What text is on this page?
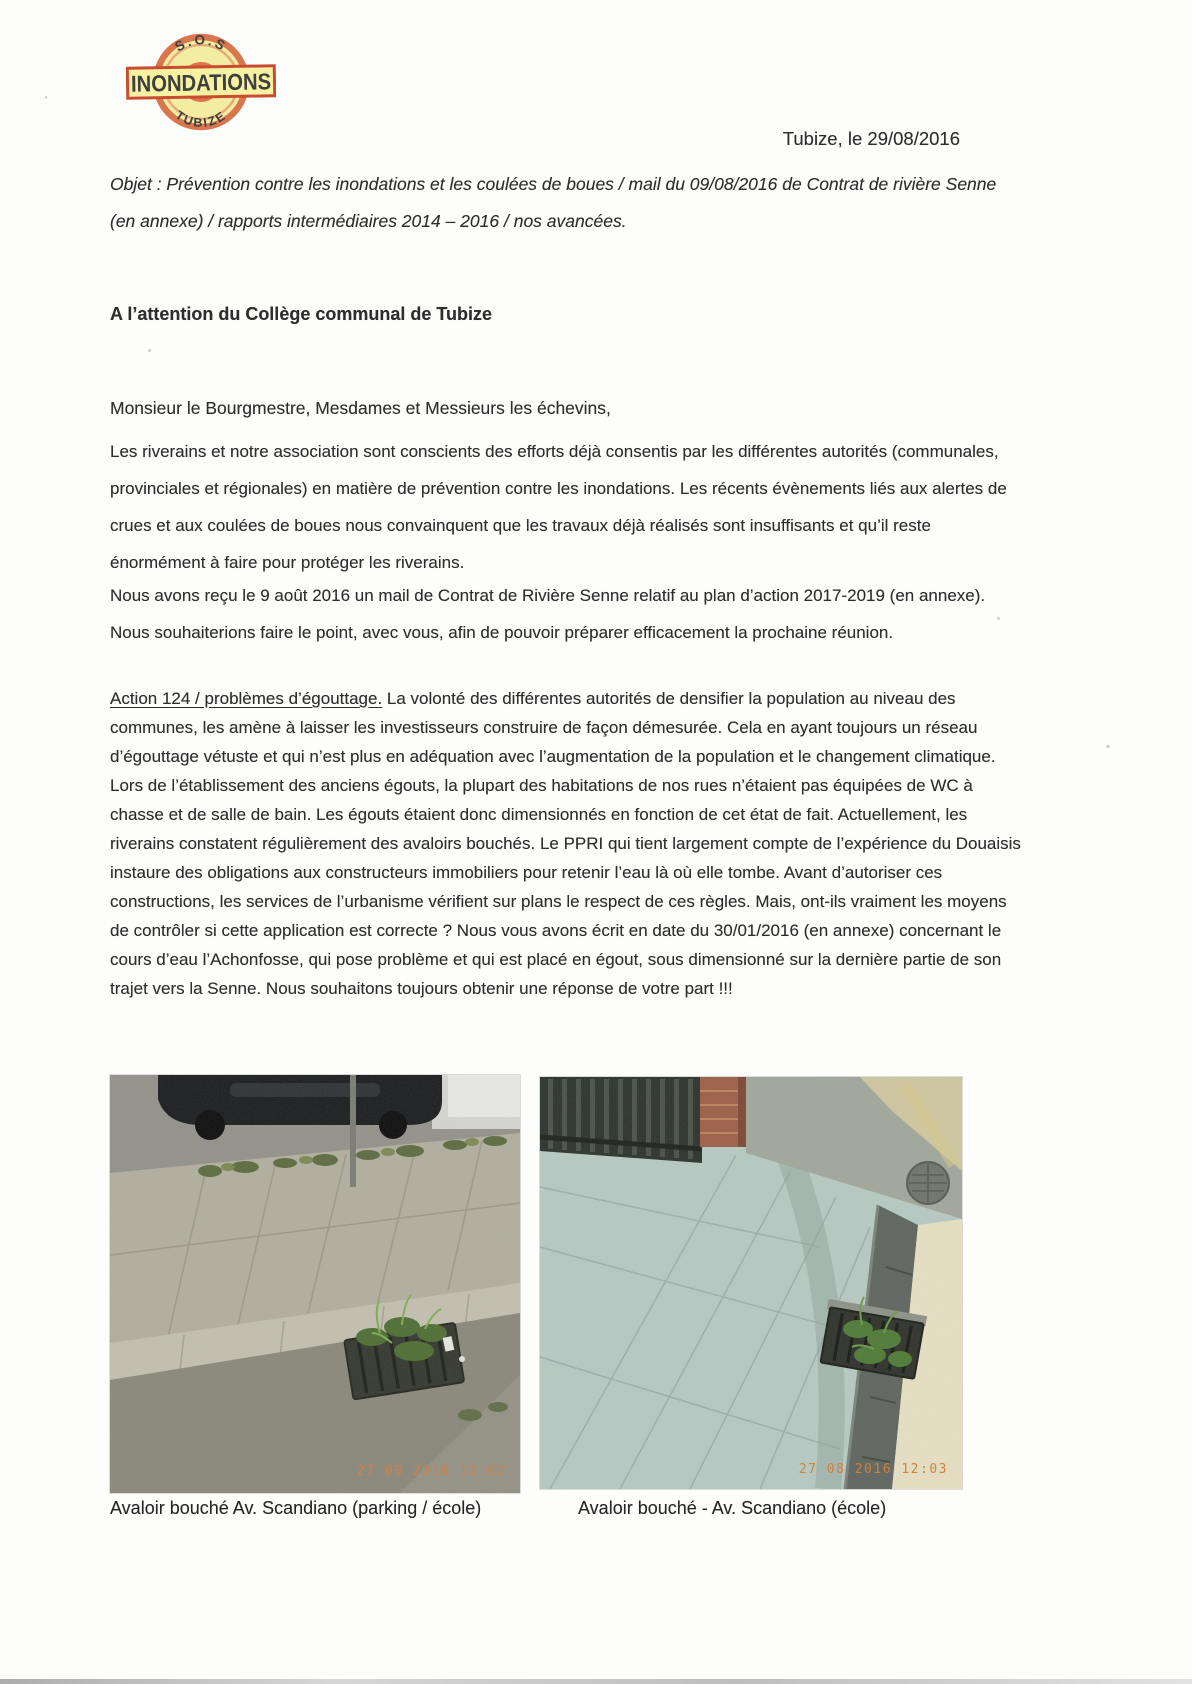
S.O.S
INONDATIONS
TUBIZE
Tubize, le 29/08/2016
Objet : Prévention contre les inondations et les coulées de boues / mail du 09/08/2016 de Contrat de rivière Senne (en annexe) / rapports intermédiaires 2014 – 2016 / nos avancées.
A l’attention du Collège communal de Tubize
Monsieur le Bourgmestre, Mesdames et Messieurs les échevins,
Les riverains et notre association sont conscients des efforts déjà consentis par les différentes autorités (communales, provinciales et régionales) en matière de prévention contre les inondations. Les récents évènements liés aux alertes de crues et aux coulées de boues nous convainquent que les travaux déjà réalisés sont insuffisants et qu’il reste énormément à faire pour protéger les riverains.
Nous avons reçu le 9 août 2016 un mail de Contrat de Rivière Senne relatif au plan d’action 2017-2019 (en annexe). Nous souhaiterions faire le point, avec vous, afin de pouvoir préparer efficacement la prochaine réunion.
Action 124 / problèmes d’égouttage. La volonté des différentes autorités de densifier la population au niveau des communes, les amène à laisser les investisseurs construire de façon démesurée. Cela en ayant toujours un réseau d’égouttage vétuste et qui n’est plus en adéquation avec l’augmentation de la population et le changement climatique. Lors de l’établissement des anciens égouts, la plupart des habitations de nos rues n’étaient pas équipées de WC à chasse et de salle de bain. Les égouts étaient donc dimensionnés en fonction de cet état de fait. Actuellement, les riverains constatent régulièrement des avaloirs bouchés. Le PPRI qui tient largement compte de l’expérience du Douaisis instaure des obligations aux constructeurs immobiliers pour retenir l’eau là où elle tombe. Avant d’autoriser ces constructions, les services de l’urbanisme vérifient sur plans le respect de ces règles. Mais, ont-ils vraiment les moyens de contrôler si cette application est correcte ? Nous vous avons écrit en date du 30/01/2016 (en annexe) concernant le cours d’eau l’Achonfosse, qui pose problème et qui est placé en égout, sous dimensionné sur la dernière partie de son trajet vers la Senne. Nous souhaitons toujours obtenir une réponse de votre part !!!
27 08 2016 12:02	27 08 2016 12:03
Avaloir bouché Av. Scandiano (parking / école)	Avaloir bouché - Av. Scandiano (école)
